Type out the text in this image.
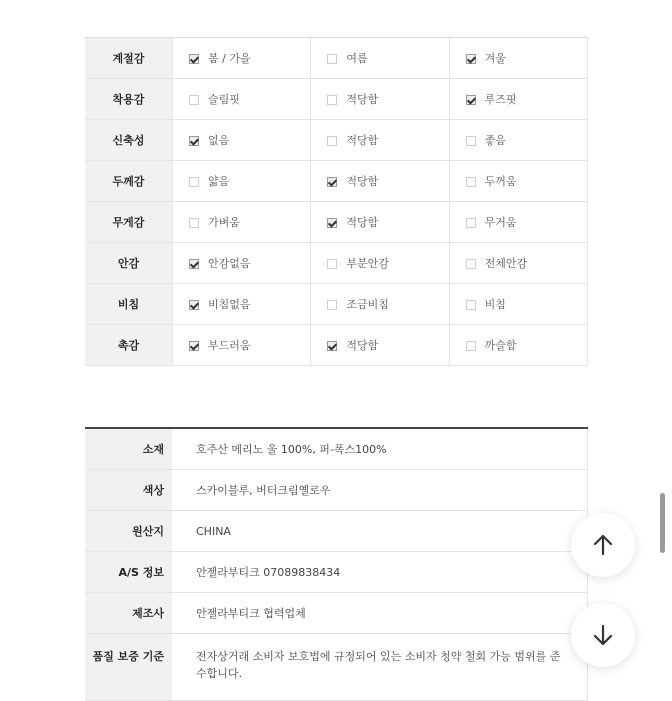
계절감	봄 / 가을	여름	겨울
착용감	슬림핏	적당함	루즈핏
신축성	없음	적당함	좋음
두께감	얇음	적당함	두꺼움
무게감	가벼움	적당함	무거움
안감	안감없음	부분안감	전체안감
비침	비침없음	조금비침	비침
촉감	부드러움	적당함	까슬함
소재	호주산 메리노 울 100%, 퍼-폭스100%
색상	스카이블루, 버터크림옐로우
원산지	CHINA
A/S 정보	안젤라부티크 07089838434
제조사	안젤라부티크 협력업체
품질 보증 기준	전자상거래 소비자 보호법에 규정되어 있는 소비자 청약 철회 가능 범위를 준수합니다.
